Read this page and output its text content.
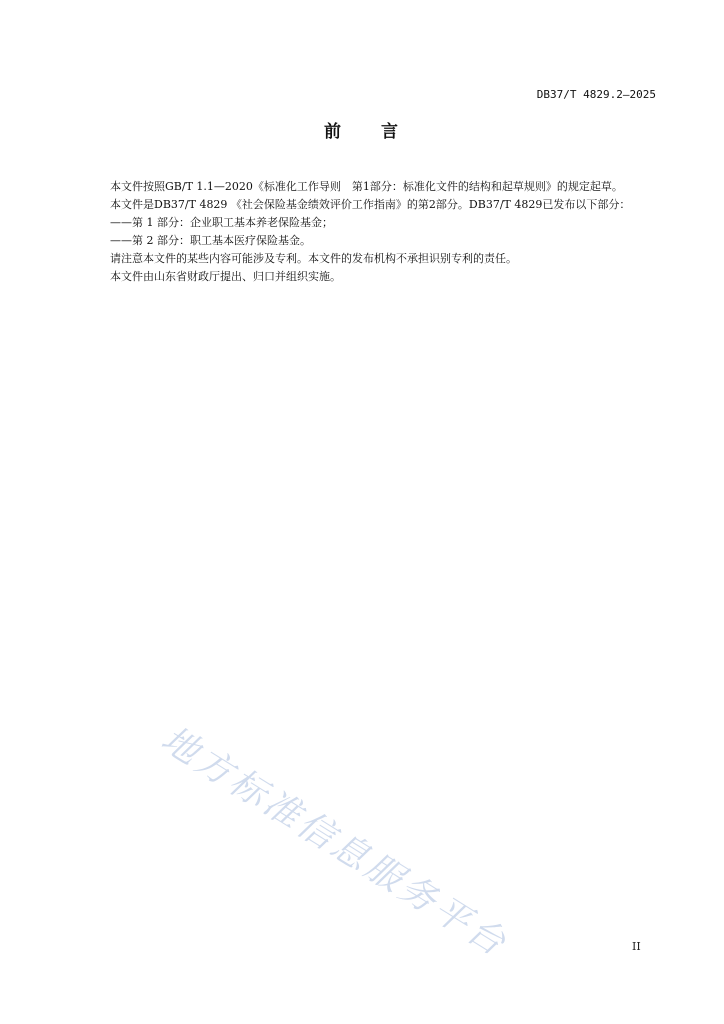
DB37/T 4829.2—2025
前　　言

本文件按照GB/T 1.1—2020《标准化工作导则　第1部分：标准化文件的结构和起草规则》的规定起草。

本文件是DB37/T 4829 《社会保险基金绩效评价工作指南》的第2部分。DB37/T 4829已发布以下部分：

——第 1 部分：企业职工基本养老保险基金；

——第 2 部分：职工基本医疗保险基金。

请注意本文件的某些内容可能涉及专利。本文件的发布机构不承担识别专利的责任。

本文件由山东省财政厅提出、归口并组织实施。

地方标准信息服务平台	II
